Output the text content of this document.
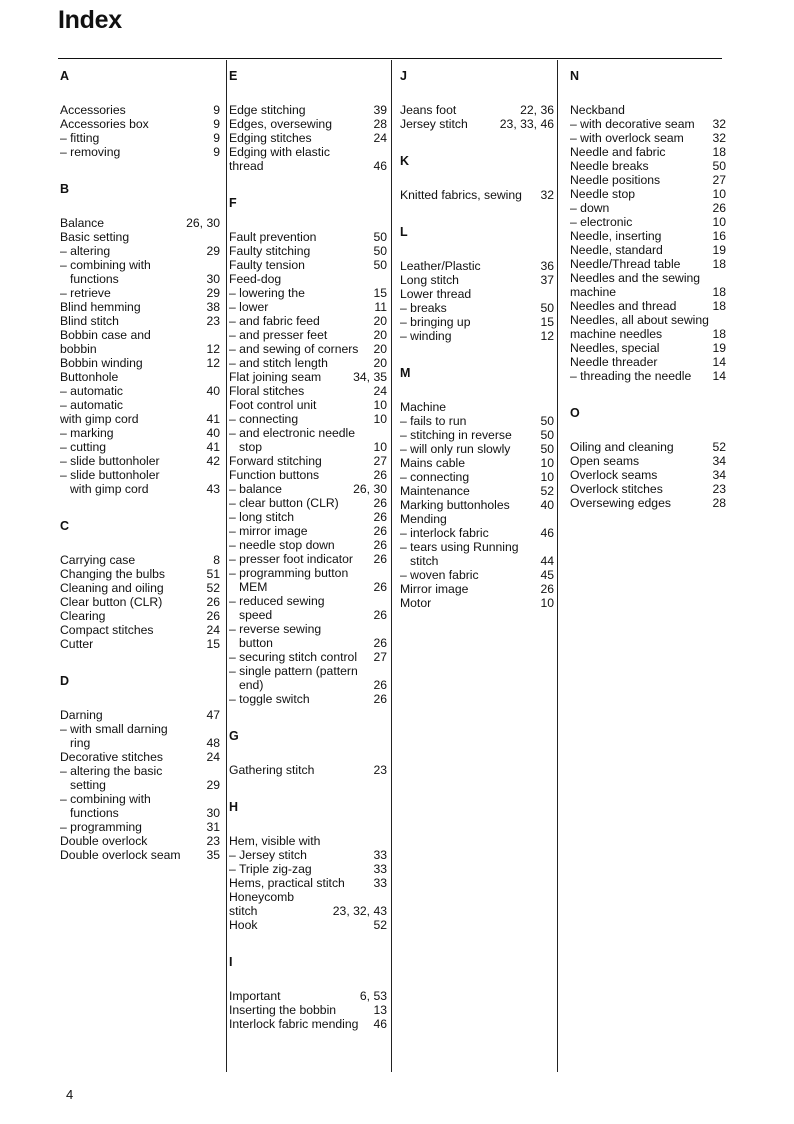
Index
A
Accessories	9
Accessories box	9
– fitting	9
– removing	9
B
Balance	26, 30
Basic setting
– altering	29
– combining with
functions	30
– retrieve	29
Blind hemming	38
Blind stitch	23
Bobbin case and
bobbin	12
Bobbin winding	12
Buttonhole
– automatic	40
– automatic
with gimp cord	41
– marking	40
– cutting	41
– slide buttonholer	42
– slide buttonholer
with gimp cord	43
C
Carrying case	8
Changing the bulbs	51
Cleaning and oiling	52
Clear button (CLR)	26
Clearing	26
Compact stitches	24
Cutter	15
D
Darning	47
– with small darning
ring	48
Decorative stitches	24
– altering the basic
setting	29
– combining with
functions	30
– programming	31
Double overlock	23
Double overlock seam 35
E
Edge stitching	39
Edges, oversewing	28
Edging stitches	24
Edging with elastic
thread	46
F
Fault prevention	50
Faulty stitching	50
Faulty tension	50
Feed-dog
– lowering the	15
– lower	11
– and fabric feed	20
– and presser feet	20
– and sewing of corners 20
– and stitch length	20
Flat joining seam	34, 35
Floral stitches	24
Foot control unit	10
– connecting	10
– and electronic needle
stop	10
Forward stitching	27
Function buttons	26
– balance	26, 30
– clear button (CLR)	26
– long stitch	26
– mirror image	26
– needle stop down	26
– presser foot indicator 26
– programming button
MEM	26
– reduced sewing
speed	26
– reverse sewing
button	26
– securing stitch control 27
– single pattern (pattern
end)	26
– toggle switch	26
G
Gathering stitch	23
H
Hem, visible with
– Jersey stitch	33
– Triple zig-zag	33
Hems, practical stitch 33
Honeycomb
stitch	23, 32, 43
Hook	52
I
Important	6, 53
Inserting the bobbin	13
Interlock fabric mending 46
J
Jeans foot	22, 36
Jersey stitch	23, 33, 46
K
Knitted fabrics, sewing 32
L
Leather/Plastic	36
Long stitch	37
Lower thread
– breaks	50
– bringing up	15
– winding	12
M
Machine
– fails to run	50
– stitching in reverse 50
– will only run slowly 50
Mains cable	10
– connecting	10
Maintenance	52
Marking buttonholes	40
Mending
– interlock fabric	46
– tears using Running
stitch	44
– woven fabric	45
Mirror image	26
Motor	10
N
Neckband
– with decorative seam 32
– with overlock seam 32
Needle and fabric	18
Needle breaks	50
Needle positions	27
Needle stop	10
– down	26
– electronic	10
Needle, inserting	16
Needle, standard	19
Needle/Thread table	18
Needles and the sewing
machine	18
Needles and thread	18
Needles, all about sewing
machine needles	18
Needles, special	19
Needle threader	14
– threading the needle 14
O
Oiling and cleaning	52
Open seams	34
Overlock seams	34
Overlock stitches	23
Oversewing edges	28

4
